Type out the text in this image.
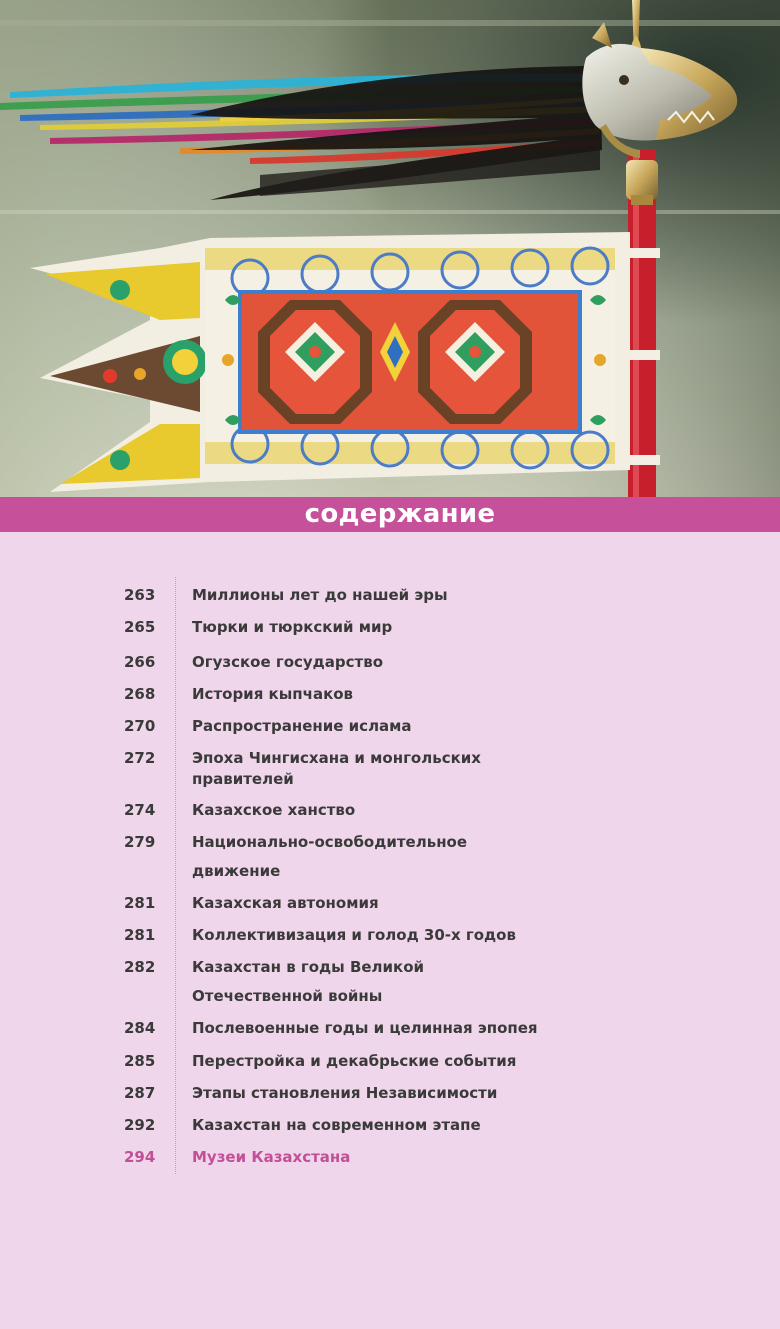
содержание
263	Миллионы лет до нашей эры
265	Тюрки и тюркский мир
266	Огузское государство
268	История кыпчаков
270	Распространение ислама
272	Эпоха Чингисхана и монгольских
правителей
274	Казахское ханство
279	Национально-освободительное
движение
281	Казахская автономия
281	Коллективизация и голод 30-х годов
282	Казахстан в годы Великой
Отечественной войны
284	Послевоенные годы и целинная эпопея
285	Перестройка и декабрьские события
287	Этапы становления Независимости
292	Казахстан на современном этапе
294	Музеи Казахстана
